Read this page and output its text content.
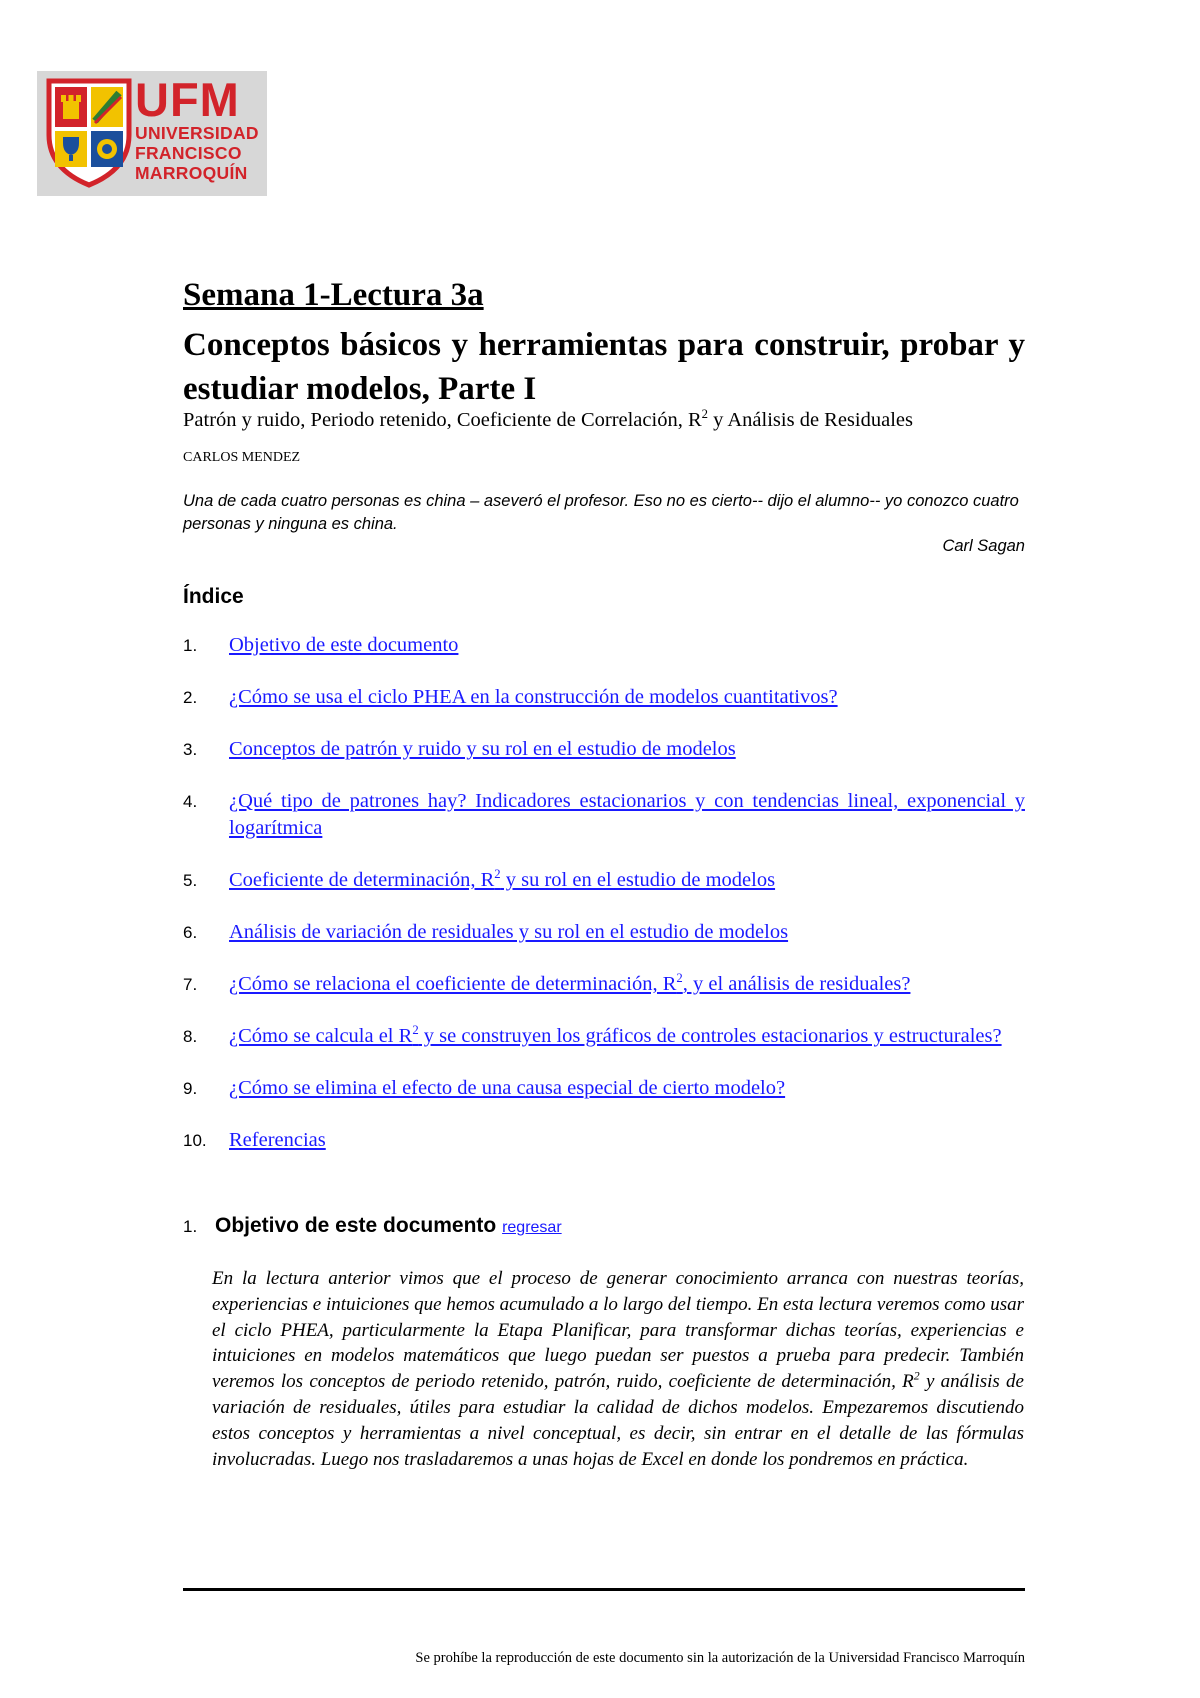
UFM
UNIVERSIDAD
FRANCISCO
MARROQUÍN
Semana 1-Lectura 3a
Conceptos básicos y herramientas para construir, probar y estudiar modelos, Parte I
Patrón y ruido, Periodo retenido, Coeficiente de Correlación, $R^2$ y Análisis de Residuales
CARLOS MENDEZ
Una de cada cuatro personas es china – aseveró el profesor. Eso no es cierto-- dijo el alumno-- yo conozco cuatro personas y ninguna es china.
Carl Sagan
Índice
1. Objetivo de este documento
2. ¿Cómo se usa el ciclo PHEA en la construcción de modelos cuantitativos?
3. Conceptos de patrón y ruido y su rol en el estudio de modelos
4. ¿Qué tipo de patrones hay? Indicadores estacionarios y con tendencias lineal, exponencial y logarítmica
5. Coeficiente de determinación, $R^2$ y su rol en el estudio de modelos
6. Análisis de variación de residuales y su rol en el estudio de modelos
7. ¿Cómo se relaciona el coeficiente de determinación, $R^2$, y el análisis de residuales?
8. ¿Cómo se calcula el $R^2$ y se construyen los gráficos de controles estacionarios y estructurales?
9. ¿Cómo se elimina el efecto de una causa especial de cierto modelo?
10. Referencias
1. Objetivo de este documento regresar
En la lectura anterior vimos que el proceso de generar conocimiento arranca con nuestras teorías, experiencias e intuiciones que hemos acumulado a lo largo del tiempo. En esta lectura veremos como usar el ciclo PHEA, particularmente la Etapa Planificar, para transformar dichas teorías, experiencias e intuiciones en modelos matemáticos que luego puedan ser puestos a prueba para predecir. También veremos los conceptos de periodo retenido, patrón, ruido, coeficiente de determinación, $R^2$ y análisis de variación de residuales, útiles para estudiar la calidad de dichos modelos. Empezaremos discutiendo estos conceptos y herramientas a nivel conceptual, es decir, sin entrar en el detalle de las fórmulas involucradas. Luego nos trasladaremos a unas hojas de Excel en donde los pondremos en práctica.
Se prohíbe la reproducción de este documento sin la autorización de la Universidad Francisco Marroquín
